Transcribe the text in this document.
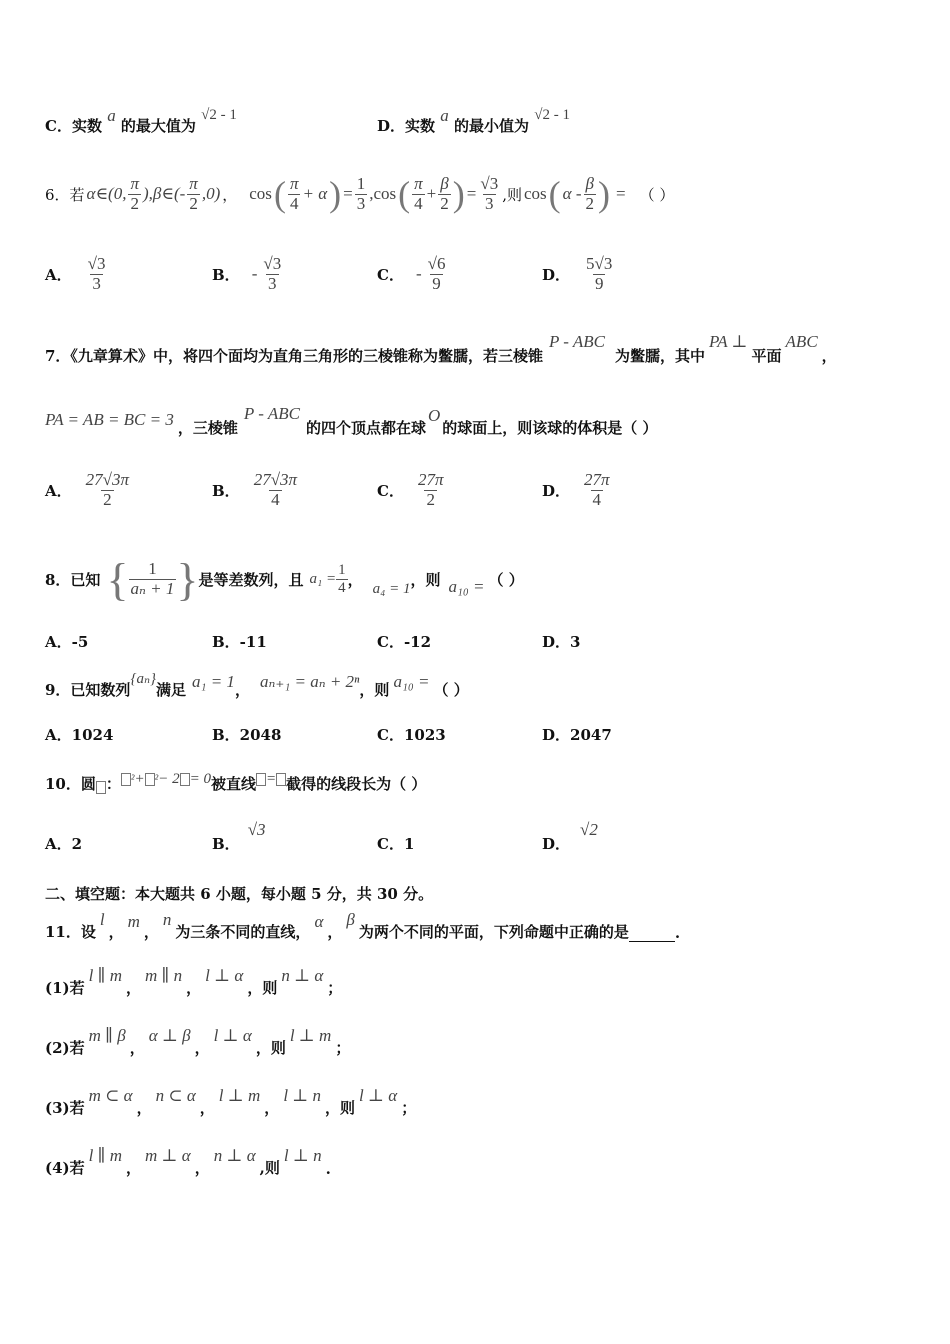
C．实数 a 的最大值为 √2 - 1
D．实数 a 的最小值为 √2 - 1
6．若 α∈(0, $\frac{\pi}{2}$ ),β∈(- $\frac{\pi}{2} ,0$) ， cos ( $\frac{\pi}{4} + \alpha$ ) = $\frac{1}{3} ,\cos$ ( $\frac{\pi}{4} + \frac{\beta}{2}$ ) = $\frac{√3}{3}$ ,则 cos ( α - $\frac{\beta}{2}$ ) = （ ）
A． $\frac{√3}{3}$	B． - $\frac{√3}{3}$	C． - $\frac{√6}{9}$	D． $\frac{5√3}{9}$
7．《九章算术》中，将四个面均为直角三角形的三棱锥称为鳖臑，若三棱锥
P - ABC
为鳖臑，其中
PA ⊥
平面
ABC
，
PA = AB = BC = 3 ，三棱锥
P - ABC
的四个顶点都在球
O
的球面上，则该球的体积是（ ）
A． $\frac{27√3\pi}{2}$	B． $\frac{27√3\pi}{4}$	C． $\frac{27\pi}{2}$	D． $\frac{27\pi}{4}$
8．已知 { $\frac{1}{\text{aₙ + 1}}$ } 是等差数列，且 $a_1 = \frac{1}{4}$ ， a₄ = 1 ，则 a₁₀ = （ ）
A．-5	B．-11	C．-12	D．3
9．已知数列
{aₙ}
满足 a₁ = 1 ， aₙ₊₁ = aₙ + 2ⁿ ，则 a₁₀ = （ ）
A．1024	B．2048	C．1023	D．2047
10．圆 ： ² + ² − 2 = 0 被直线 = 截得的线段长为（ ）
A．2	B．
√3
C．1	D．
√2
二、填空题：本大题共 6 小题，每小题 5 分，共 30 分。
11．设
l
，
m
，
n
为三条不同的直线，
α
，
β
为两个不同的平面，下列命题中正确的是	.
(1)若
l ∥ m
，
m ∥ n
，
l ⊥ α
，则
n ⊥ α
；
(2)若
m ∥ β
，
α ⊥ β
，
l ⊥ α
，则
l ⊥ m
；
(3)若
m ⊂ α
，
n ⊂ α
，
l ⊥ m
，
l ⊥ n
，则
l ⊥ α
；
(4)若
l ∥ m
，
m ⊥ α
，
n ⊥ α
,则
l ⊥ n
.
